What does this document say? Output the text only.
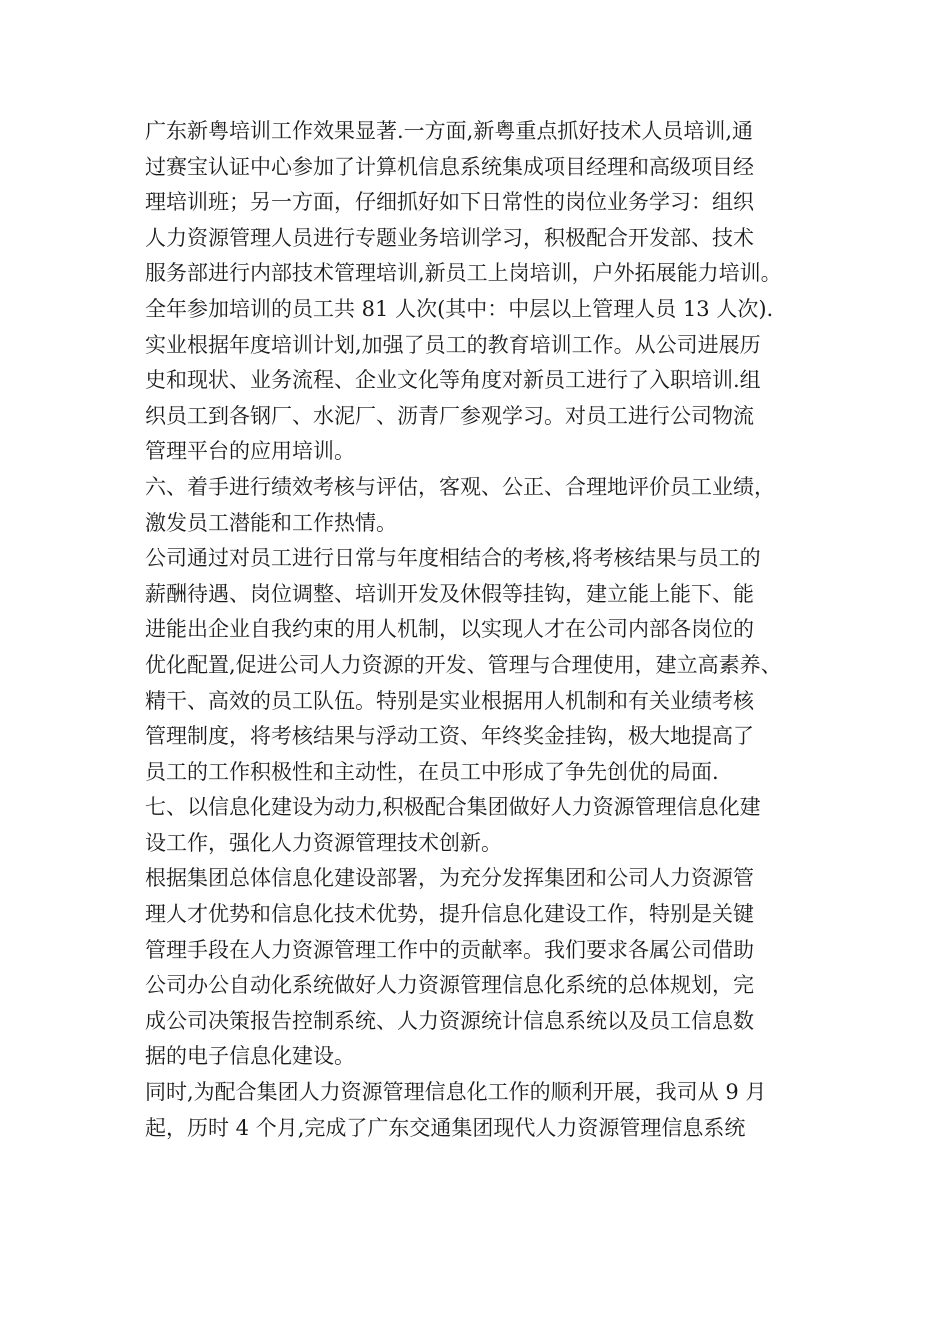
广东新粤培训工作效果显著.一方面,新粤重点抓好技术人员培训,通
过赛宝认证中心参加了计算机信息系统集成项目经理和高级项目经
理培训班；另一方面，仔细抓好如下日常性的岗位业务学习：组织
人力资源管理人员进行专题业务培训学习，积极配合开发部、技术
服务部进行内部技术管理培训,新员工上岗培训，户外拓展能力培训。
全年参加培训的员工共 81 人次(其中：中层以上管理人员 13 人次).
实业根据年度培训计划,加强了员工的教育培训工作。从公司进展历
史和现状、业务流程、企业文化等角度对新员工进行了入职培训.组
织员工到各钢厂、水泥厂、沥青厂参观学习。对员工进行公司物流
管理平台的应用培训。
六、着手进行绩效考核与评估，客观、公正、合理地评价员工业绩，
激发员工潜能和工作热情。
公司通过对员工进行日常与年度相结合的考核,将考核结果与员工的
薪酬待遇、岗位调整、培训开发及休假等挂钩，建立能上能下、能
进能出企业自我约束的用人机制，以实现人才在公司内部各岗位的
优化配置,促进公司人力资源的开发、管理与合理使用，建立高素养、
精干、高效的员工队伍。特别是实业根据用人机制和有关业绩考核
管理制度，将考核结果与浮动工资、年终奖金挂钩，极大地提高了
员工的工作积极性和主动性，在员工中形成了争先创优的局面.
七、以信息化建设为动力,积极配合集团做好人力资源管理信息化建
设工作，强化人力资源管理技术创新。
根据集团总体信息化建设部署，为充分发挥集团和公司人力资源管
理人才优势和信息化技术优势，提升信息化建设工作，特别是关键
管理手段在人力资源管理工作中的贡献率。我们要求各属公司借助
公司办公自动化系统做好人力资源管理信息化系统的总体规划，完
成公司决策报告控制系统、人力资源统计信息系统以及员工信息数
据的电子信息化建设。
同时,为配合集团人力资源管理信息化工作的顺利开展，我司从 9 月
起，历时 4 个月,完成了广东交通集团现代人力资源管理信息系统
